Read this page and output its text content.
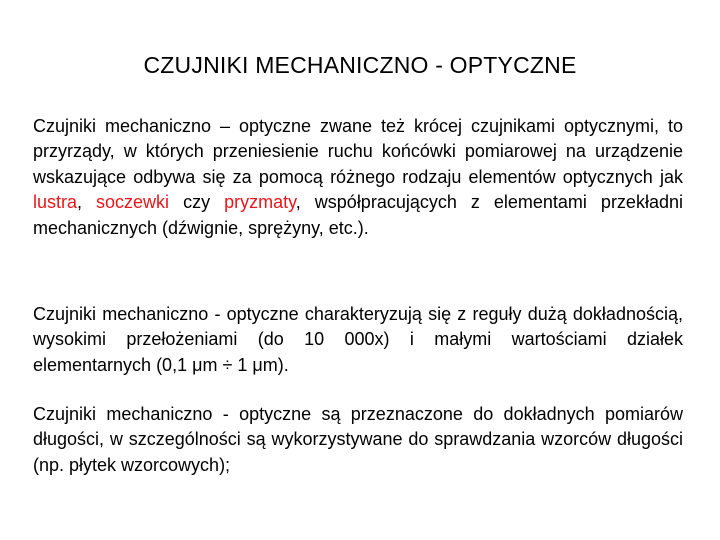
CZUJNIKI MECHANICZNO - OPTYCZNE
Czujniki mechaniczno – optyczne zwane też krócej czujnikami optycznymi, to przyrządy, w których przeniesienie ruchu końcówki pomiarowej na urządzenie wskazujące odbywa się za pomocą różnego rodzaju elementów optycznych jak lustra, soczewki czy pryzmaty, współpracujących z elementami przekładni mechanicznych (dźwignie, sprężyny, etc.).
Czujniki mechaniczno - optyczne charakteryzują się z reguły dużą dokładnością, wysokimi przełożeniami (do 10 000x) i małymi wartościami działek elementarnych (0,1 μm ÷ 1 μm).
Czujniki mechaniczno - optyczne są przeznaczone do dokładnych pomiarów długości, w szczególności są wykorzystywane do sprawdzania wzorców długości (np. płytek wzorcowych);
